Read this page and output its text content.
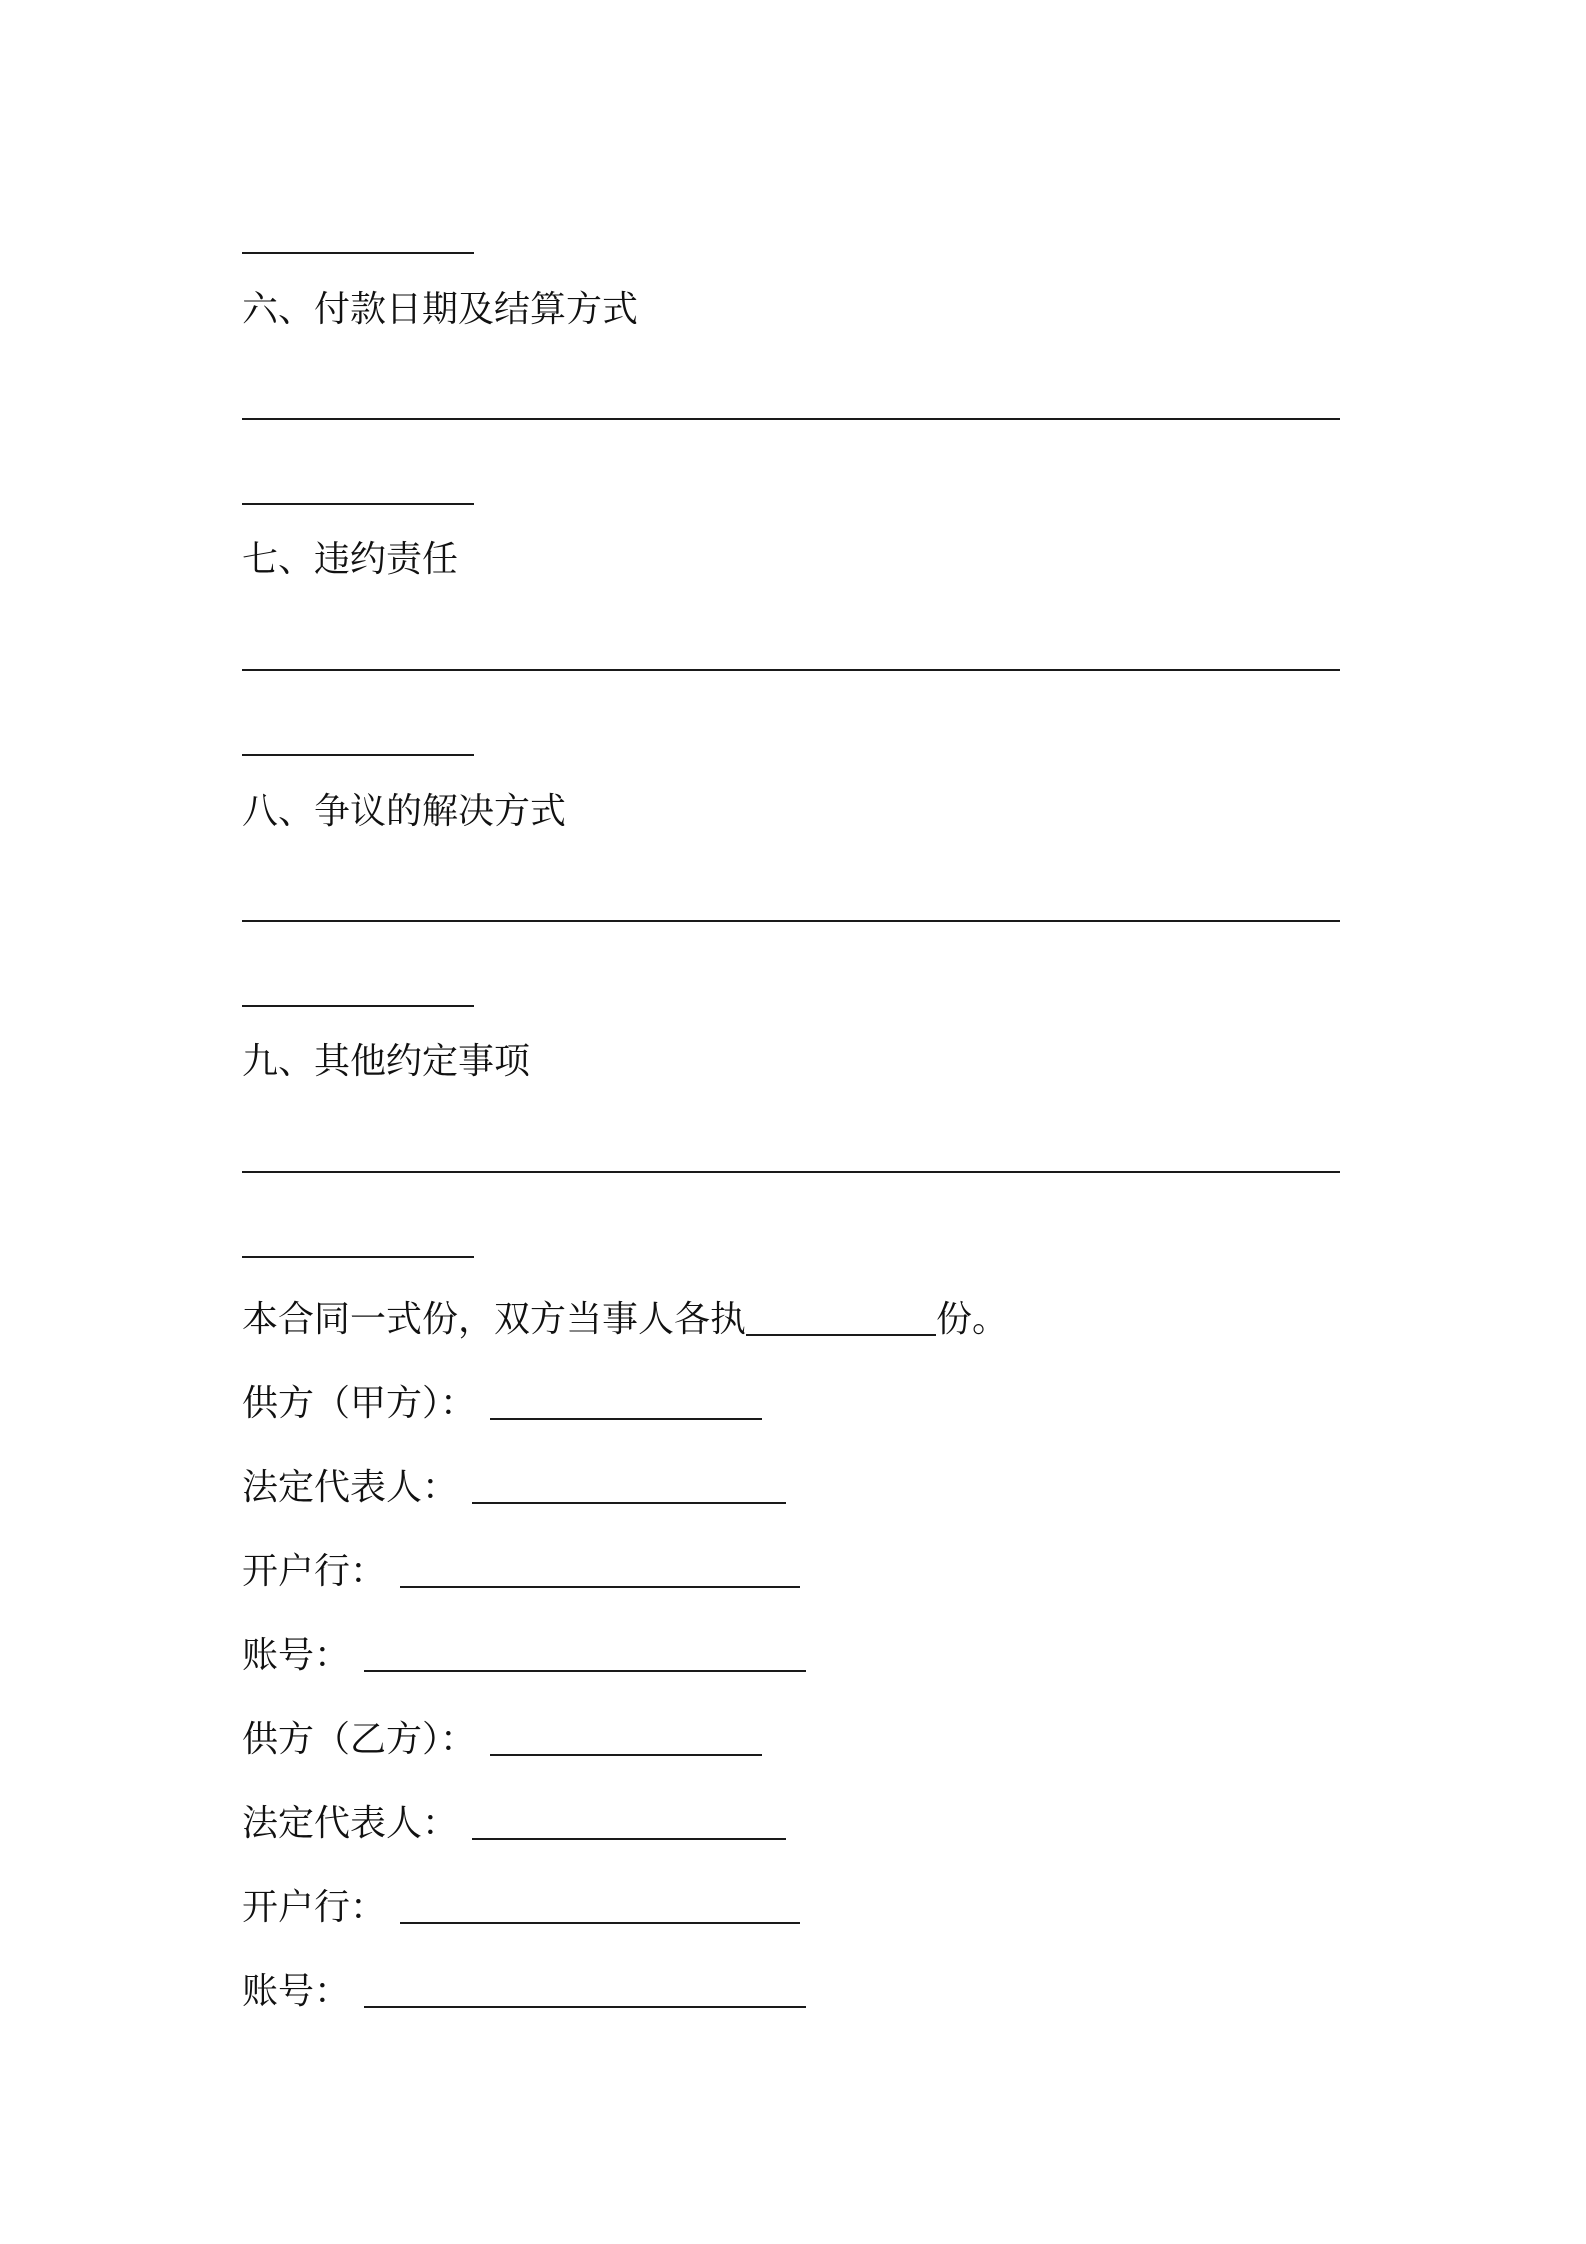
六、付款日期及结算方式
七、违约责任
八、争议的解决方式
九、其他约定事项
本合同一式份，双方当事人各执	份。
供方（甲方）：
法定代表人：
开户行：
账号：
供方（乙方）：
法定代表人：
开户行：
账号：
